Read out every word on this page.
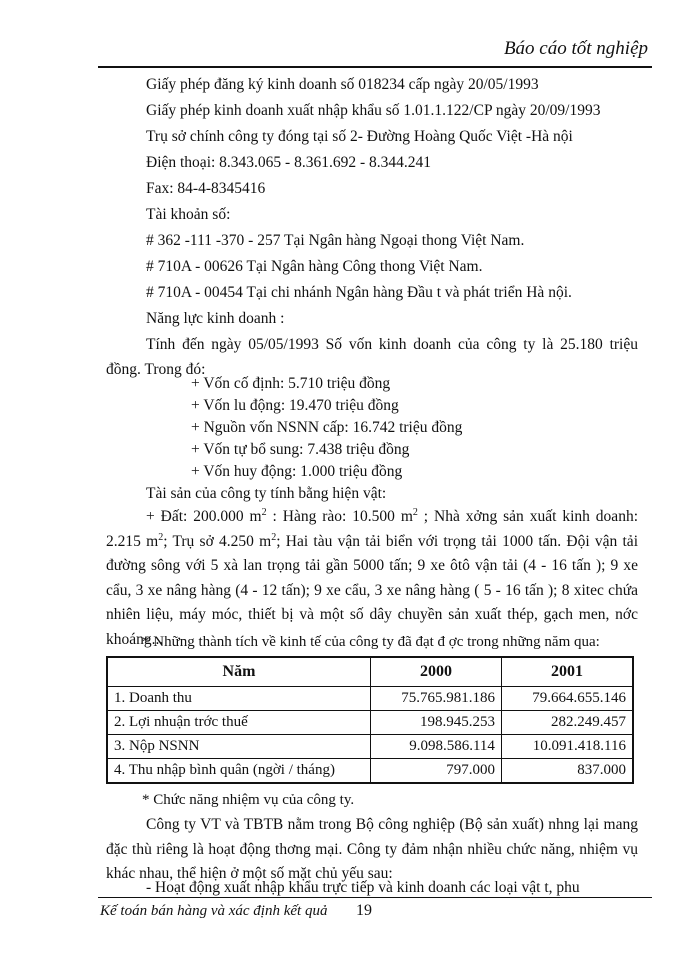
Báo cáo tốt nghiệp
Giấy phép đăng ký kinh doanh số 018234 cấp ngày 20/05/1993
Giấy phép kinh doanh xuất nhập khẩu số 1.01.1.122/CP ngày 20/09/1993
Trụ sở chính công ty đóng tại số 2- Đường Hoàng Quốc Việt -Hà nội
Điện thoại: 8.343.065 - 8.361.692 - 8.344.241
Fax: 84-4-8345416
Tài khoản số:
# 362 -111 -370 - 257 Tại Ngân hàng Ngoại thong Việt Nam.
# 710A - 00626 Tại Ngân hàng Công thong Việt Nam.
# 710A - 00454 Tại chi nhánh Ngân hàng Đầu t và phát triển Hà nội.
Năng lực kinh doanh :
Tính đến ngày 05/05/1993 Số vốn kinh doanh của công ty là 25.180 triệu đồng. Trong đó:
+ Vốn cố định: 5.710 triệu đồng
+ Vốn lu động: 19.470 triệu đồng
+ Nguồn vốn NSNN cấp: 16.742 triệu đồng
+ Vốn tự bổ sung: 7.438 triệu đồng
+ Vốn huy động: 1.000 triệu đồng
Tài sản của công ty tính bằng hiện vật:
+ Đất: 200.000 $m^2$ : Hàng rào: 10.500 $m^2$ ; Nhà xởng sản xuất kinh doanh: 2.215 $m^2$; Trụ sở 4.250 $m^2$; Hai tàu vận tải biển với trọng tải 1000 tấn. Đội vận tải đường sông với 5 xà lan trọng tải gần 5000 tấn; 9 xe ôtô vận tải (4 - 16 tấn ); 9 xe cẩu, 3 xe nâng hàng (4 - 12 tấn); 9 xe cẩu, 3 xe nâng hàng ( 5 - 16 tấn ); 8 xitec chứa nhiên liệu, máy móc, thiết bị và một số dây chuyền sản xuất thép, gạch men, nớc khoáng...
* Những thành tích về kinh tế của công ty đã đạt đ ợc trong những năm qua:
Năm	2000	2001
1. Doanh thu	75.765.981.186	79.664.655.146
2. Lợi nhuận trớc thuế	198.945.253	282.249.457
3. Nộp NSNN	9.098.586.114	10.091.418.116
4. Thu nhập bình quân (ngời / tháng)	797.000	837.000
* Chức năng nhiệm vụ của công ty.
Công ty VT và TBTB nằm trong Bộ công nghiệp (Bộ sản xuất) nhng lại mang đặc thù riêng là hoạt động thơng mại. Công ty đảm nhận nhiều chức năng, nhiệm vụ khác nhau, thể hiện ở một số mặt chủ yếu sau:
- Hoạt động xuất nhập khẩu trực tiếp và kinh doanh các loại vật t, phu
Kế toán bán hàng và xác định kết quả 19
